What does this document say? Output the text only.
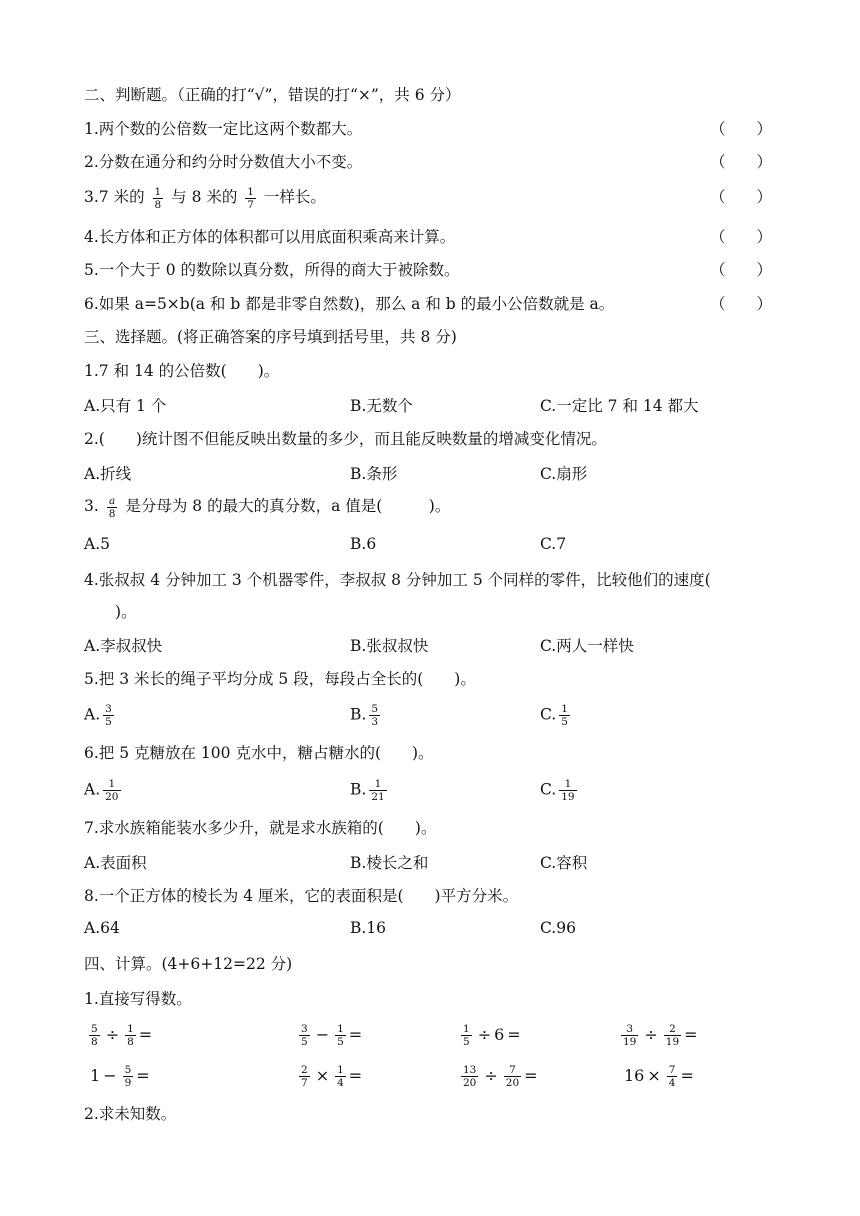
二、判断题。（正确的打“√”，错误的打“×”，共 6 分）
1.两个数的公倍数一定比这两个数都大。	（　　）
2.分数在通分和约分时分数值大小不变。	（　　）
3.7 米的 $\frac{1}{8}$ 与 8 米的 $\frac{1}{7}$ 一样长。	（　　）
4.长方体和正方体的体积都可以用底面积乘高来计算。	（　　）
5.一个大于 0 的数除以真分数，所得的商大于被除数。	（　　）
6.如果 a=5×b(a 和 b 都是非零自然数)，那么 a 和 b 的最小公倍数就是 a。	（　　）
三、选择题。(将正确答案的序号填到括号里，共 8 分)
1.7 和 14 的公倍数(　　)。
A.只有 1 个	B.无数个	C.一定比 7 和 14 都大
2.(　　)统计图不但能反映出数量的多少，而且能反映数量的增减变化情况。
A.折线	B.条形	C.扇形
3. $\frac{a}{8}$ 是分母为 8 的最大的真分数，a 值是(　　　)。
A.5	B.6	C.7
4.张叔叔 4 分钟加工 3 个机器零件，李叔叔 8 分钟加工 5 个同样的零件，比较他们的速度(
　　)。
A.李叔叔快	B.张叔叔快	C.两人一样快
5.把 3 米长的绳子平均分成 5 段，每段占全长的(　　)。
A. $\frac{3}{5}$	B. $\frac{5}{3}$	C. $\frac{1}{5}$
6.把 5 克糖放在 100 克水中，糖占糖水的(　　)。
A. $\frac{1}{20}$	B. $\frac{1}{21}$	C. $\frac{1}{19}$
7.求水族箱能装水多少升，就是求水族箱的(　　)。
A.表面积	B.棱长之和	C.容积
8.一个正方体的棱长为 4 厘米，它的表面积是(　　)平方分米。
A.64	B.16	C.96
四、计算。(4+6+12=22 分)
1.直接写得数。
$\frac{5}{8} \div \frac{1}{8}$ =	$\frac{3}{5} - \frac{1}{5}$ =	$\frac{1}{5} \div 6$ =	$\frac{3}{19} \div \frac{2}{19}$ =
$1 - \frac{5}{9}$ =	$\frac{2}{7} \times \frac{1}{4}$ =	$\frac{13}{20} \div \frac{7}{20}$ =	$16 \times \frac{7}{4}$ =
2.求未知数。
